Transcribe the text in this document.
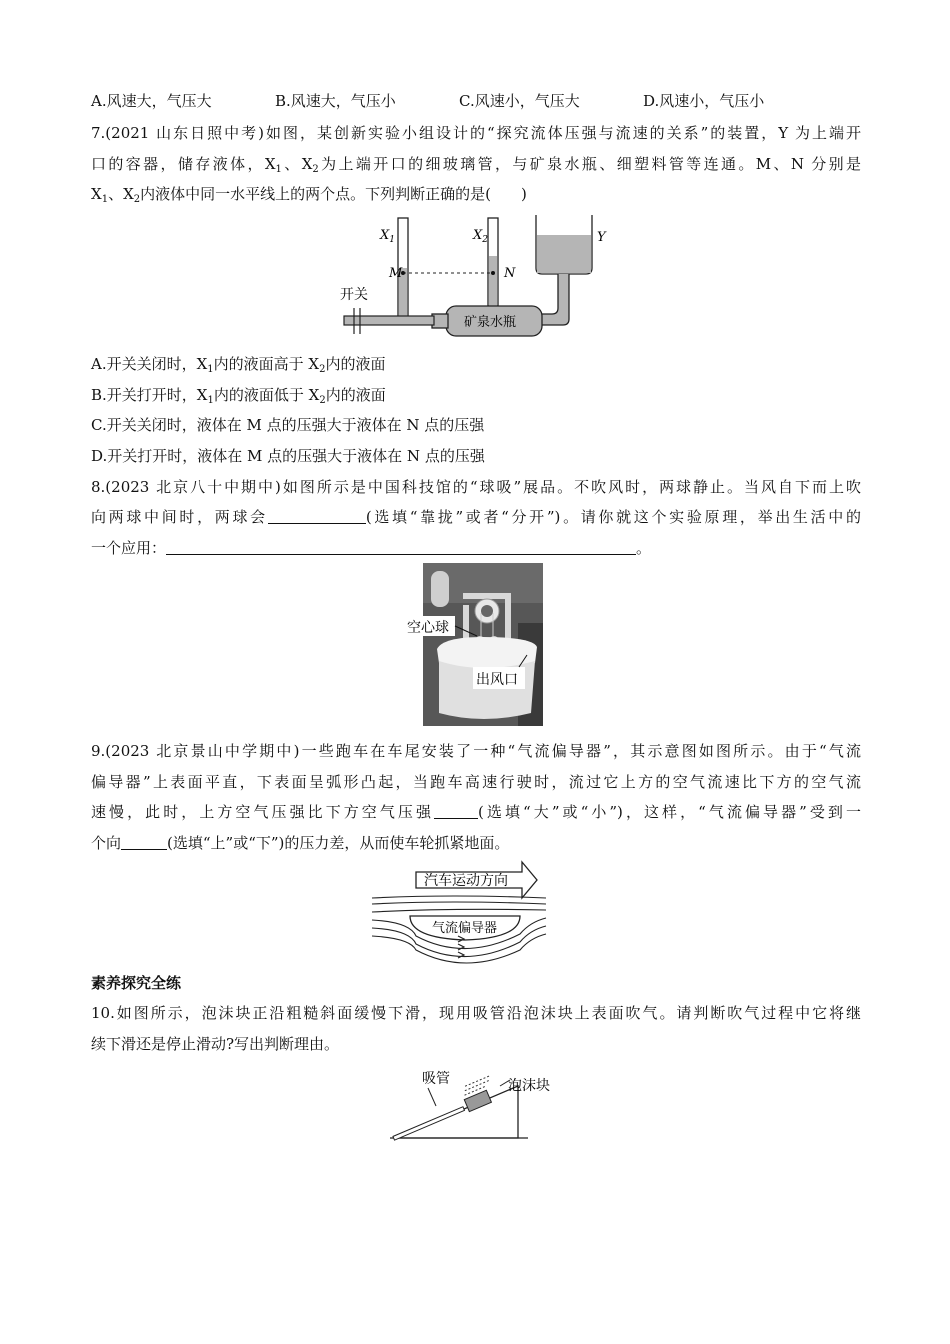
A.风速大，气压大	B.风速大，气压小	C.风速小，气压大	D.风速小，气压小
7.(2021 山东日照中考)如图，某创新实验小组设计的“探究流体压强与流速的关系”的装置，Y 为上端开
口的容器，储存液体，$X_1$、$X_2$为上端开口的细玻璃管，与矿泉水瓶、细塑料管等连通。M、N 分别是
$X_1$、$X_2$内液体中同一水平线上的两个点。下列判断正确的是(　　)
$X_1$	$X_2$	Y
M	N
开关
矿泉水瓶
A.开关关闭时，$X_1$内的液面高于 $X_2$内的液面
B.开关打开时，$X_1$内的液面低于 $X_2$内的液面
C.开关关闭时，液体在 M 点的压强大于液体在 N 点的压强
D.开关打开时，液体在 M 点的压强大于液体在 N 点的压强
8.(2023 北京八十中期中)如图所示是中国科技馆的“球吸”展品。不吹风时，两球静止。当风自下而上吹
向两球中间时，两球会	(选填“靠拢”或者“分开”)。请你就这个实验原理，举出生活中的
一个应用：	。
空心球
出风口
9.(2023 北京景山中学期中)一些跑车在车尾安装了一种“气流偏导器”，其示意图如图所示。由于“气流
偏导器”上表面平直，下表面呈弧形凸起，当跑车高速行驶时，流过它上方的空气流速比下方的空气流
速慢，此时，上方空气压强比下方空气压强	(选填“大”或“小”)，这样，“气流偏导器”受到一
个向	(选填“上”或“下”)的压力差，从而使车轮抓紧地面。
汽车运动方向
气流偏导器
素养探究全练
10.如图所示，泡沫块正沿粗糙斜面缓慢下滑，现用吸管沿泡沫块上表面吹气。请判断吹气过程中它将继
续下滑还是停止滑动?写出判断理由。
吸管	泡沫块
